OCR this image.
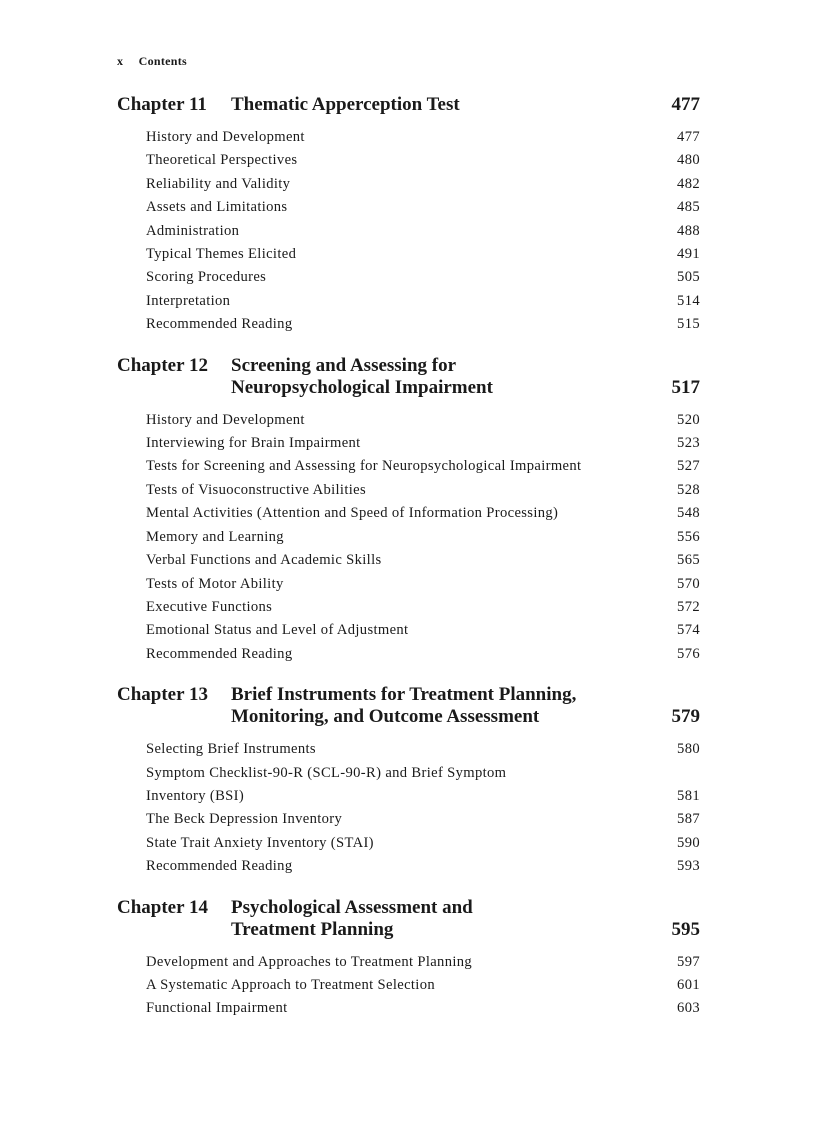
x Contents
Chapter 11	Thematic Apperception Test	477
History and Development	477
Theoretical Perspectives	480
Reliability and Validity	482
Assets and Limitations	485
Administration	488
Typical Themes Elicited	491
Scoring Procedures	505
Interpretation	514
Recommended Reading	515
Chapter 12	Screening and Assessing for
Neuropsychological Impairment	517
History and Development	520
Interviewing for Brain Impairment	523
Tests for Screening and Assessing for Neuropsychological Impairment	527
Tests of Visuoconstructive Abilities	528
Mental Activities (Attention and Speed of Information Processing)	548
Memory and Learning	556
Verbal Functions and Academic Skills	565
Tests of Motor Ability	570
Executive Functions	572
Emotional Status and Level of Adjustment	574
Recommended Reading	576
Chapter 13	Brief Instruments for Treatment Planning,
Monitoring, and Outcome Assessment	579
Selecting Brief Instruments	580
Symptom Checklist-90-R (SCL-90-R) and Brief Symptom
Inventory (BSI)	581
The Beck Depression Inventory	587
State Trait Anxiety Inventory (STAI)	590
Recommended Reading	593
Chapter 14	Psychological Assessment and
Treatment Planning	595
Development and Approaches to Treatment Planning	597
A Systematic Approach to Treatment Selection	601
Functional Impairment	603
